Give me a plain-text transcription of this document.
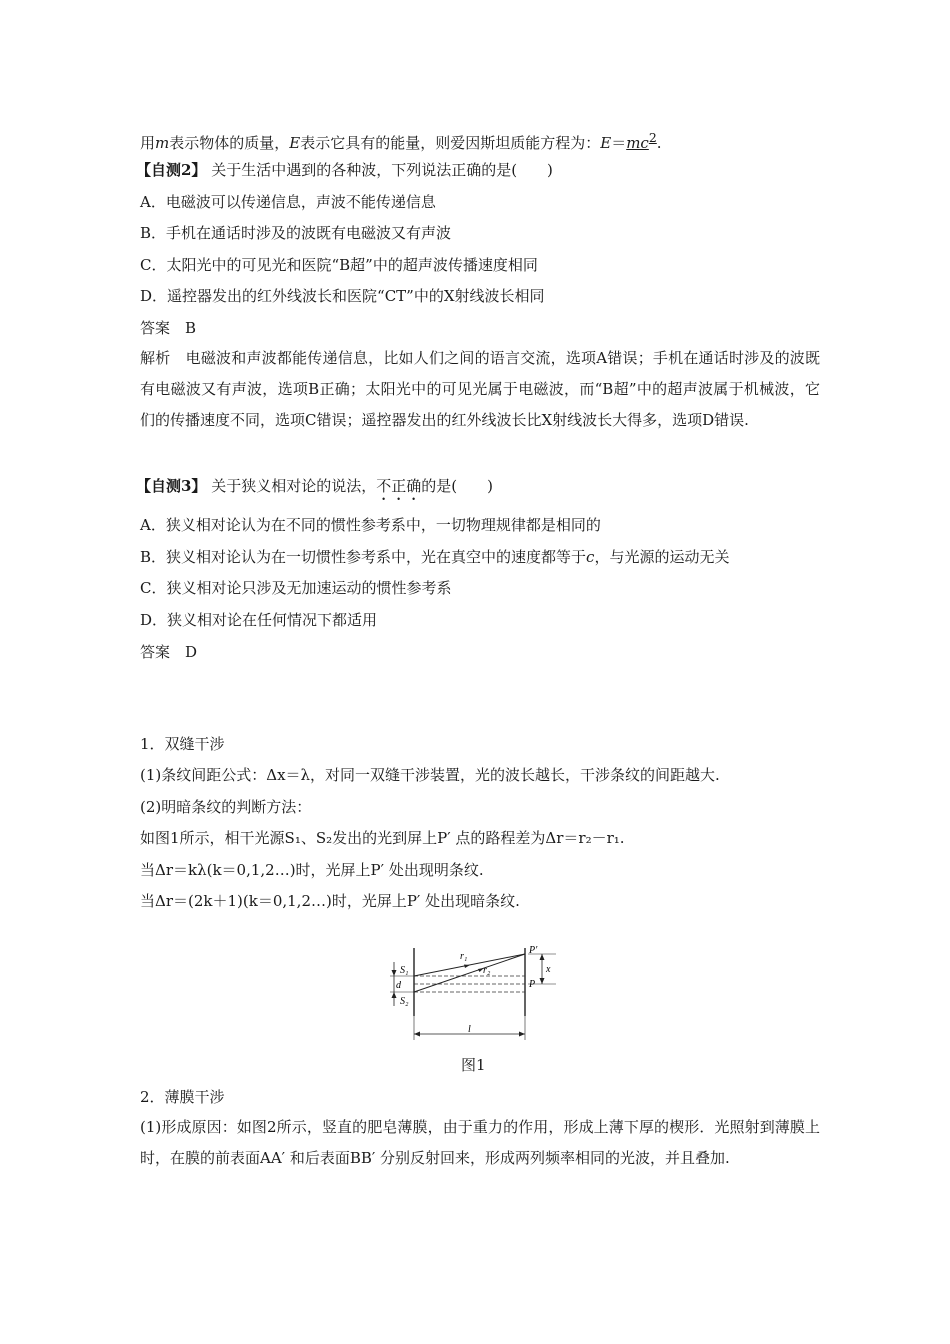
用m表示物体的质量，E表示它具有的能量，则爱因斯坦质能方程为：$E=mc^2$.
【自测2】 关于生活中遇到的各种波，下列说法正确的是(　　)
A．电磁波可以传递信息，声波不能传递信息
B．手机在通话时涉及的波既有电磁波又有声波
C．太阳光中的可见光和医院“B超”中的超声波传播速度相同
D．遥控器发出的红外线波长和医院“CT”中的X射线波长相同
答案　B
解析　电磁波和声波都能传递信息，比如人们之间的语言交流，选项A错误；手机在通话时涉及的波既有电磁波又有声波，选项B正确；太阳光中的可见光属于电磁波，而“B超”中的超声波属于机械波，它们的传播速度不同，选项C错误；遥控器发出的红外线波长比X射线波长大得多，选项D错误.
【自测3】 关于狭义相对论的说法，不正确的是(　　)
A．狭义相对论认为在不同的惯性参考系中，一切物理规律都是相同的
B．狭义相对论认为在一切惯性参考系中，光在真空中的速度都等于c，与光源的运动无关
C．狭义相对论只涉及无加速运动的惯性参考系
D．狭义相对论在任何情况下都适用
答案　D
1．双缝干涉
(1)条纹间距公式：Δx＝λ，对同一双缝干涉装置，光的波长越长，干涉条纹的间距越大.
(2)明暗条纹的判断方法：
如图1所示，相干光源S₁、S₂发出的光到屏上P′ 点的路程差为Δr＝r₂－r₁.
当Δr＝kλ(k＝0,1,2…)时，光屏上P′ 处出现明条纹.
当Δr＝(2k＋1)(k＝0,1,2…)时，光屏上P′ 处出现暗条纹.
S₁
S₂
d
r₁
r₂
P′
P
x
l
图1
2．薄膜干涉
(1)形成原因：如图2所示，竖直的肥皂薄膜，由于重力的作用，形成上薄下厚的楔形．光照射到薄膜上时，在膜的前表面AA′ 和后表面BB′ 分别反射回来，形成两列频率相同的光波，并且叠加.
